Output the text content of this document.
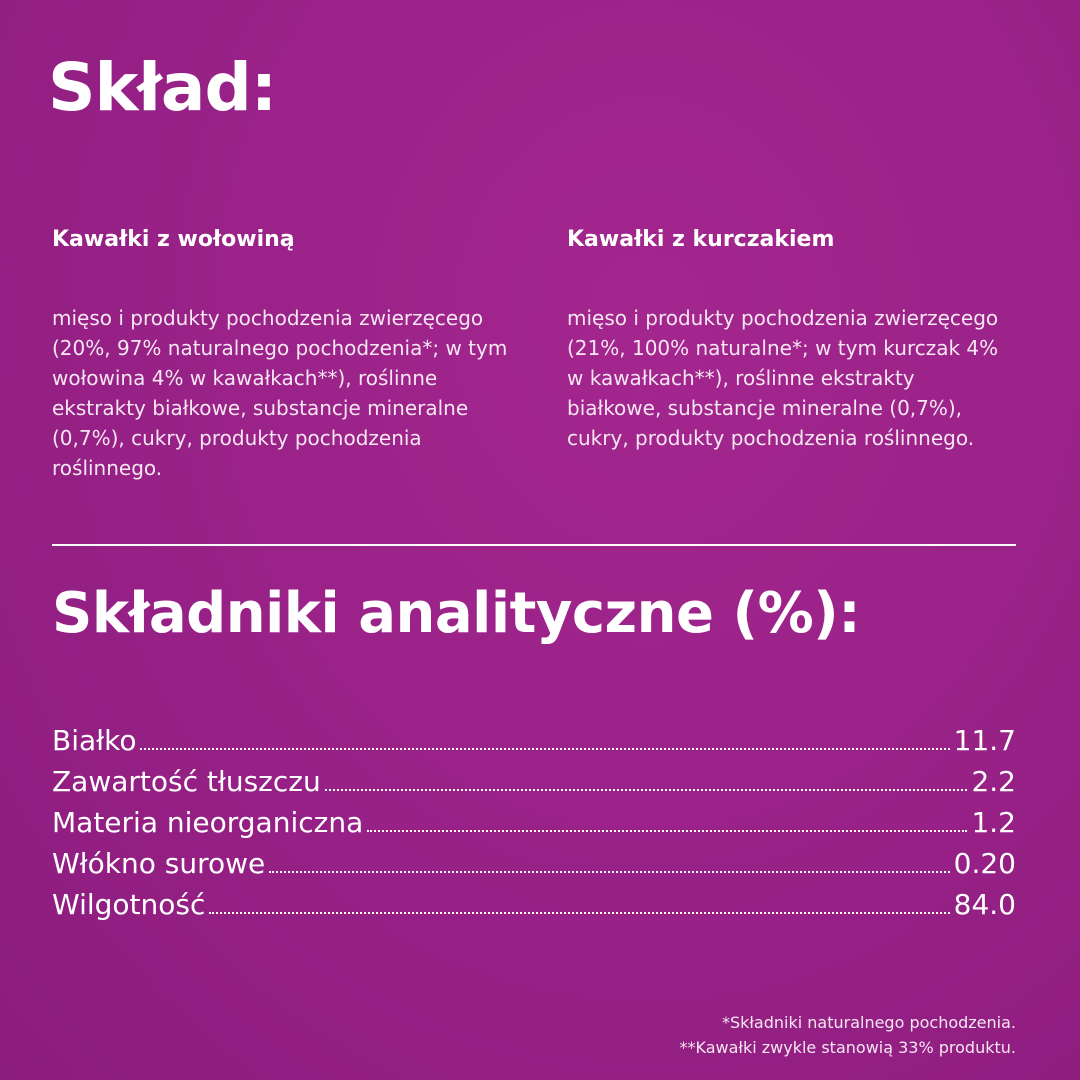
Skład:
Kawałki z wołowiną

mięso i produkty pochodzenia zwierzęcego (20%, 97% naturalnego pochodzenia*; w tym wołowina 4% w kawałkach**), roślinne ekstrakty białkowe, substancje mineralne (0,7%), cukry, produkty pochodzenia roślinnego.

Kawałki z kurczakiem

mięso i produkty pochodzenia zwierzęcego (21%, 100% naturalne*; w tym kurczak 4% w kawałkach**), roślinne ekstrakty białkowe, substancje mineralne (0,7%), cukry, produkty pochodzenia roślinnego.

Składniki analityczne (%):
Białko	11.7
Zawartość tłuszczu	2.2
Materia nieorganiczna	1.2
Włókno surowe	0.20
Wilgotność	84.0
*Składniki naturalnego pochodzenia.
**Kawałki zwykle stanowią 33% produktu.
